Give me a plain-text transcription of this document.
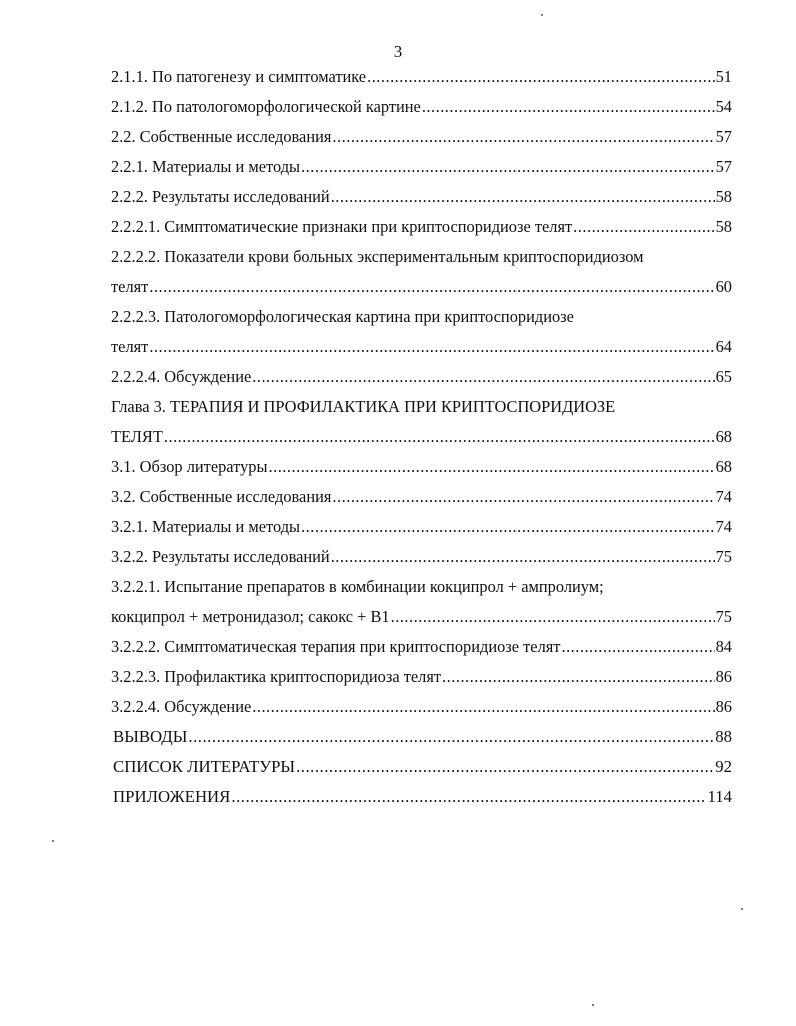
3
2.1.1. По патогенезу и симптоматике .....	51
2.1.2. По патологоморфологической картине .....	54
2.2. Собственные исследования .....	57
2.2.1. Материалы и методы .....	57
2.2.2. Результаты исследований .....	58
2.2.2.1. Симптоматические признаки при криптоспоридиозе телят .....	58
2.2.2.2. Показатели крови больных экспериментальным криптоспоридиозом
телят .....	60
2.2.2.3. Патологоморфологическая картина при криптоспоридиозе
телят .....	64
2.2.2.4. Обсуждение .....	65
Глава 3. ТЕРАПИЯ И ПРОФИЛАКТИКА ПРИ КРИПТОСПОРИДИОЗЕ
ТЕЛЯТ .....	68
3.1. Обзор литературы .....	68
3.2. Собственные исследования .....	74
3.2.1. Материалы и методы .....	74
3.2.2. Результаты исследований .....	75
3.2.2.1. Испытание препаратов в комбинации кокципрол + ампролиум;
кокципрол + метронидазол; сакокс + В1 .....	75
3.2.2.2. Симптоматическая терапия при криптоспоридиозе телят .....	84
3.2.2.3. Профилактика криптоспоридиоза телят .....	86
3.2.2.4. Обсуждение .....	86
ВЫВОДЫ .....	88
СПИСОК ЛИТЕРАТУРЫ .....	92
ПРИЛОЖЕНИЯ .....	114
